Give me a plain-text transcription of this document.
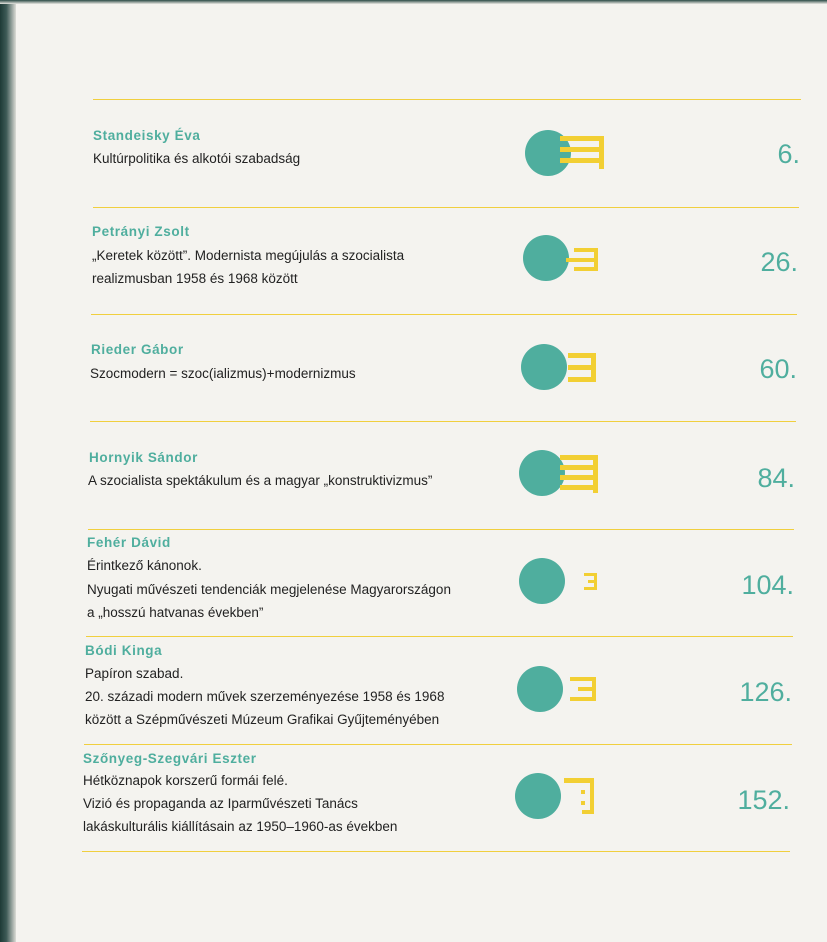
Standeisky Éva
Kultúrpolitika és alkotói szabadság	6.
Petrányi Zsolt
„Keretek között”. Modernista megújulás a szocialista
realizmusban 1958 és 1968 között
26.
Rieder Gábor
Szocmodern = szoc(ializmus)+modernizmus	60.
Hornyik Sándor
A szocialista spektákulum és a magyar „konstruktivizmus”	84.
Fehér Dávid
Érintkező kánonok.
Nyugati művészeti tendenciák megjelenése Magyarországon
a „hosszú hatvanas években”
104.
Bódi Kinga
Papíron szabad.
20. századi modern művek szerzeményezése 1958 és 1968
között a Szépművészeti Múzeum Grafikai Gyűjteményében
126.
Szőnyeg-Szegvári Eszter
Hétköznapok korszerű formái felé.
Vizió és propaganda az Iparművészeti Tanács
lakáskulturális kiállításain az 1950–1960-as években
152.
